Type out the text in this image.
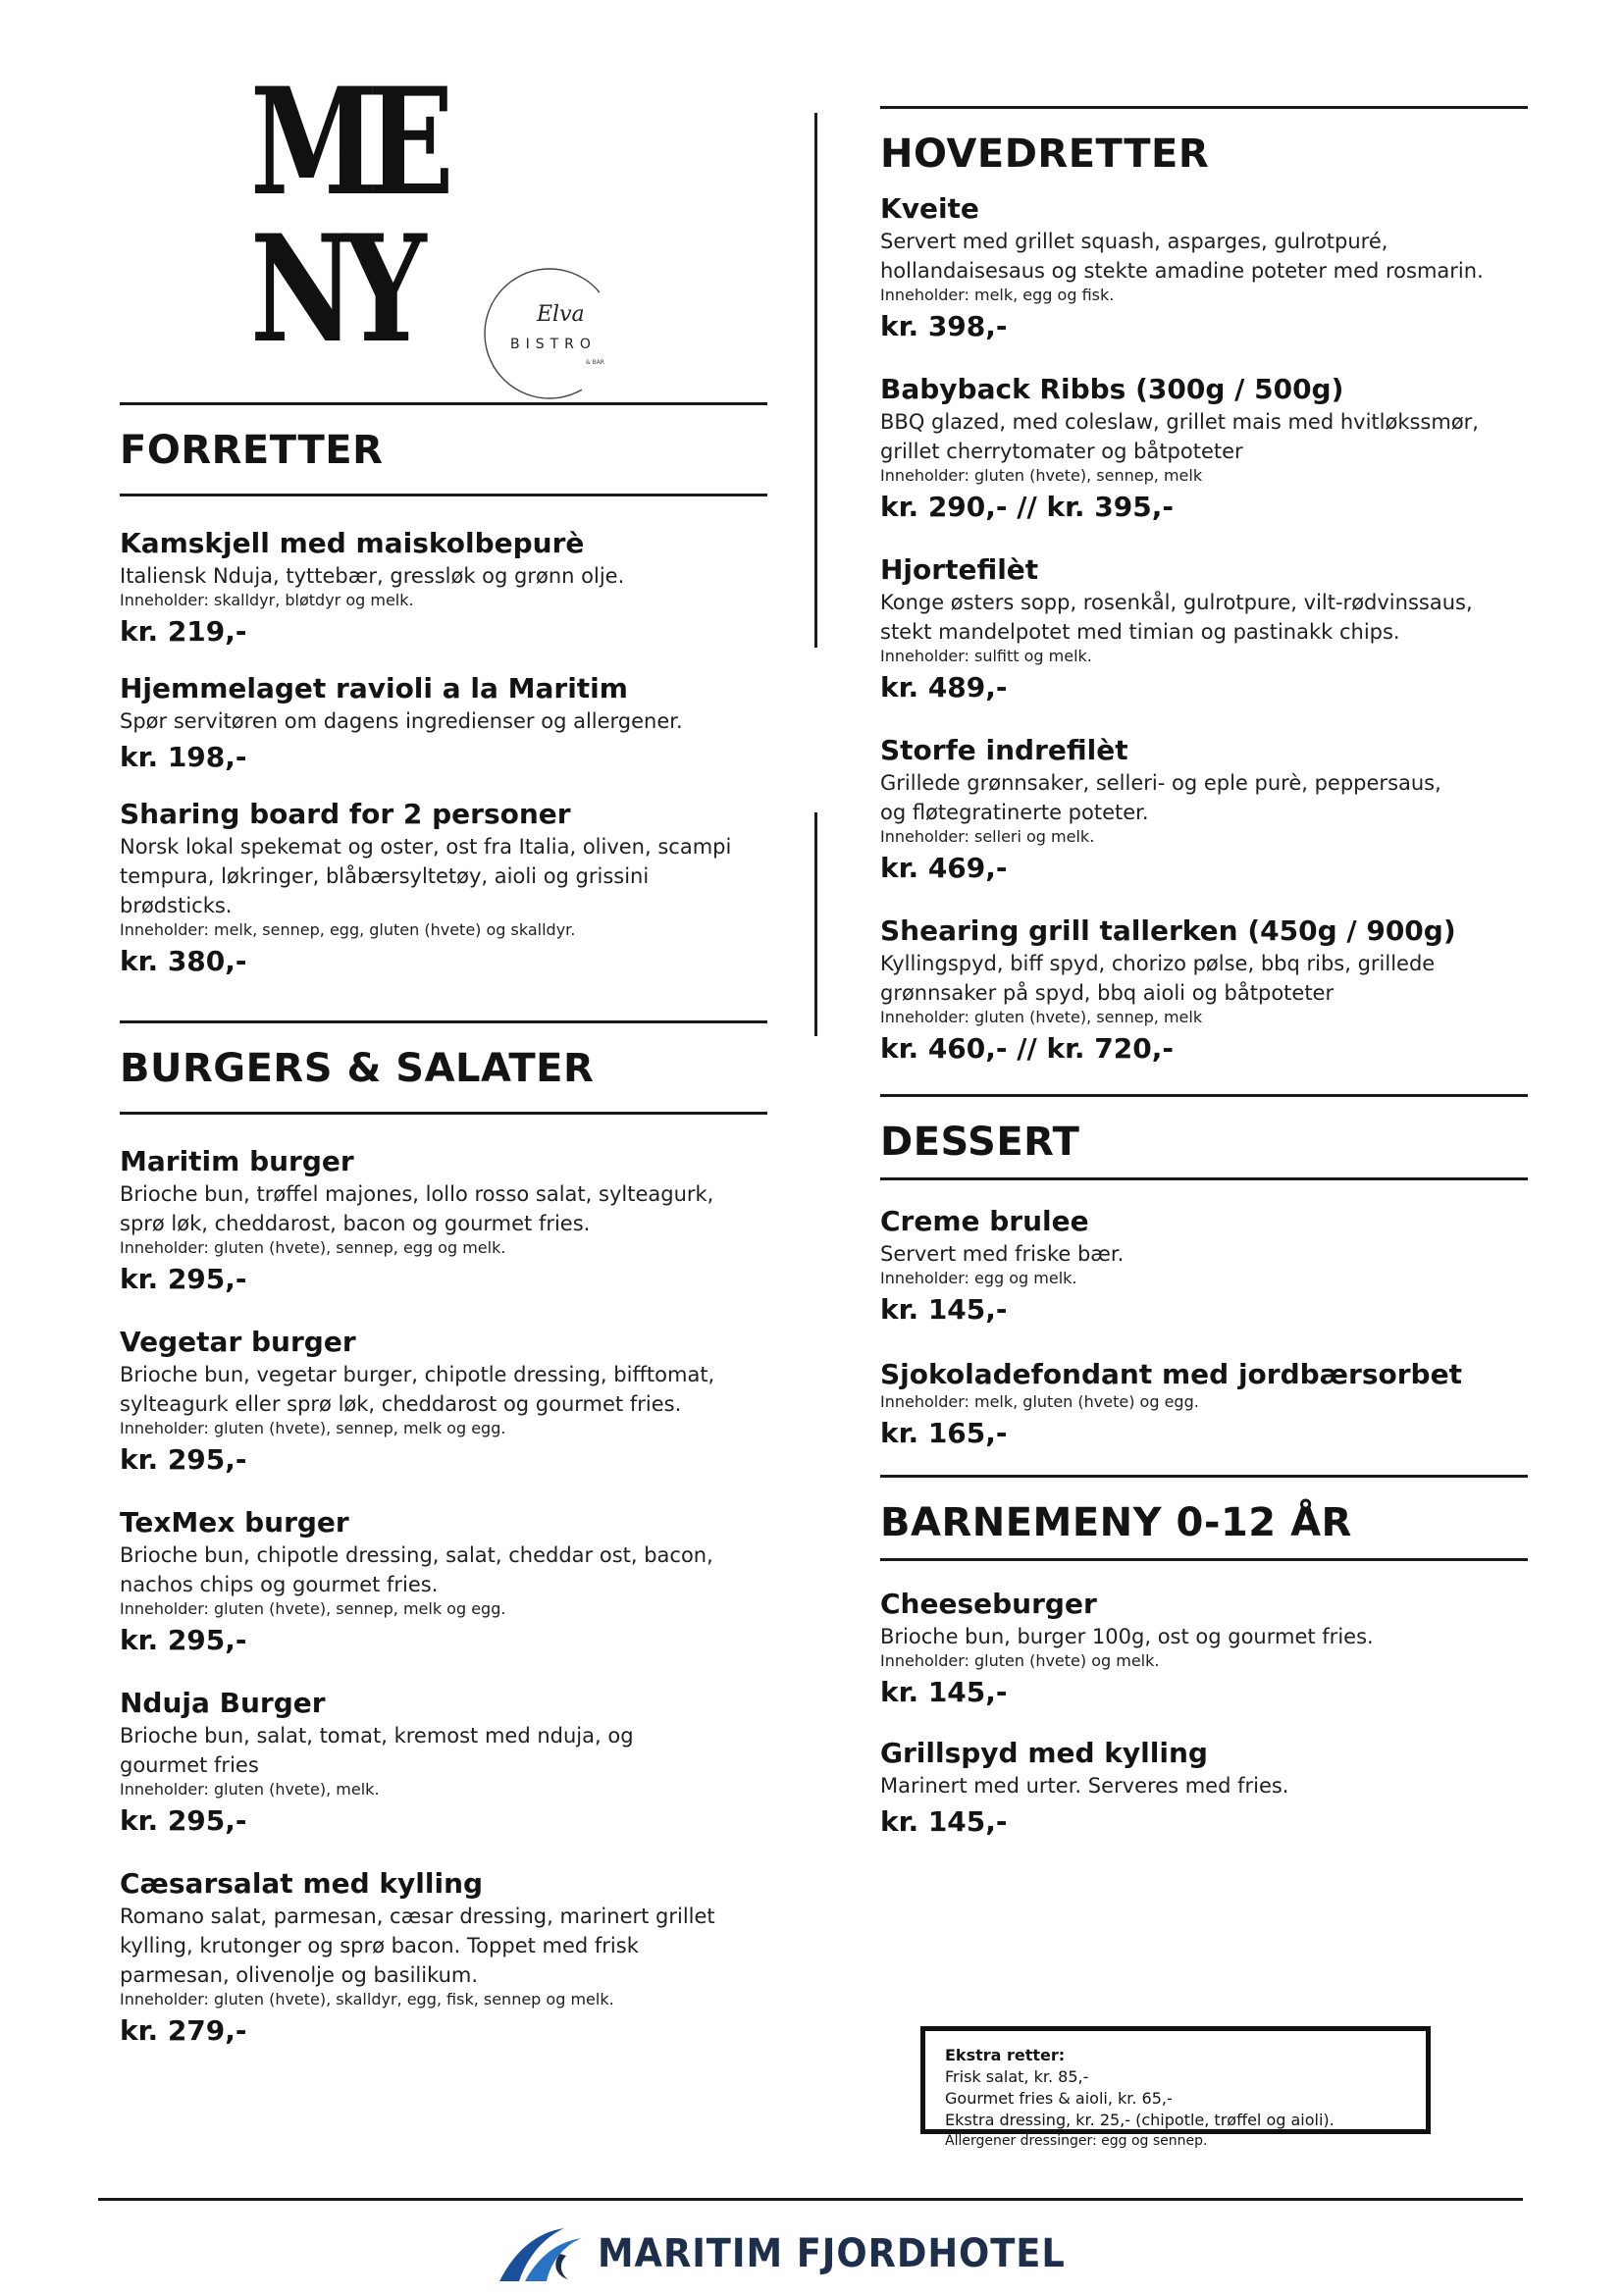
ME
NY	Elva
BISTRO
& BAR
FORRETTER

Kamskjell med maiskolbepurè

Italiensk Nduja, tyttebær, gressløk og grønn olje.

Inneholder: skalldyr, bløtdyr og melk.

kr. 219,-

Hjemmelaget ravioli a la Maritim

Spør servitøren om dagens ingredienser og allergener.

kr. 198,-

Sharing board for 2 personer

Norsk lokal spekemat og oster, ost fra Italia, oliven, scampi

tempura, løkringer, blåbærsyltetøy, aioli og grissini brødsticks.

Inneholder: melk, sennep, egg, gluten (hvete) og skalldyr.

kr. 380,-

BURGERS & SALATER

Maritim burger

Brioche bun, trøffel majones, lollo rosso salat, sylteagurk,

sprø løk, cheddarost, bacon og gourmet fries.

Inneholder: gluten (hvete), sennep, egg og melk.

kr. 295,-

Vegetar burger

Brioche bun, vegetar burger, chipotle dressing, bifftomat,

sylteagurk eller sprø løk, cheddarost og gourmet fries.

Inneholder: gluten (hvete), sennep, melk og egg.

kr. 295,-

TexMex burger

Brioche bun, chipotle dressing, salat, cheddar ost, bacon,

nachos chips og gourmet fries.

Inneholder: gluten (hvete), sennep, melk og egg.

kr. 295,-

Nduja Burger

Brioche bun, salat, tomat, kremost med nduja, og

gourmet fries

Inneholder: gluten (hvete), melk.

kr. 295,-

Cæsarsalat med kylling

Romano salat, parmesan, cæsar dressing, marinert grillet

kylling, krutonger og sprø bacon. Toppet med frisk

parmesan, olivenolje og basilikum.

Inneholder: gluten (hvete), skalldyr, egg, fisk, sennep og melk.

kr. 279,-

HOVEDRETTER

Kveite

Servert med grillet squash, asparges, gulrotpuré,

hollandaisesaus og stekte amadine poteter med rosmarin.

Inneholder: melk, egg og fisk.

kr. 398,-

Babyback Ribbs (300g / 500g)

BBQ glazed, med coleslaw, grillet mais med hvitløkssmør,

grillet cherrytomater og båtpoteter

Inneholder: gluten (hvete), sennep, melk

kr. 290,- // kr. 395,-

Hjortefilèt

Konge østers sopp, rosenkål, gulrotpure, vilt-rødvinssaus,

stekt mandelpotet med timian og pastinakk chips.

Inneholder: sulfitt og melk.

kr. 489,-

Storfe indrefilèt

Grillede grønnsaker, selleri- og eple purè, peppersaus,

og fløtegratinerte poteter.

Inneholder: selleri og melk.

kr. 469,-

Shearing grill tallerken (450g / 900g)

Kyllingspyd, biff spyd, chorizo pølse, bbq ribs, grillede

grønnsaker på spyd, bbq aioli og båtpoteter

Inneholder: gluten (hvete), sennep, melk

kr. 460,- // kr. 720,-

DESSERT

Creme brulee

Servert med friske bær.

Inneholder: egg og melk.

kr. 145,-

Sjokoladefondant med jordbærsorbet

Inneholder: melk, gluten (hvete) og egg.

kr. 165,-

BARNEMENY 0-12 ÅR

Cheeseburger

Brioche bun, burger 100g, ost og gourmet fries.

Inneholder: gluten (hvete) og melk.

kr. 145,-

Grillspyd med kylling

Marinert med urter. Serveres med fries.

kr. 145,-

Ekstra retter:

Frisk salat, kr. 85,-

Gourmet fries & aioli, kr. 65,-

Ekstra dressing, kr. 25,- (chipotle, trøffel og aioli).

Allergener dressinger: egg og sennep.

MARITIM FJORDHOTEL
